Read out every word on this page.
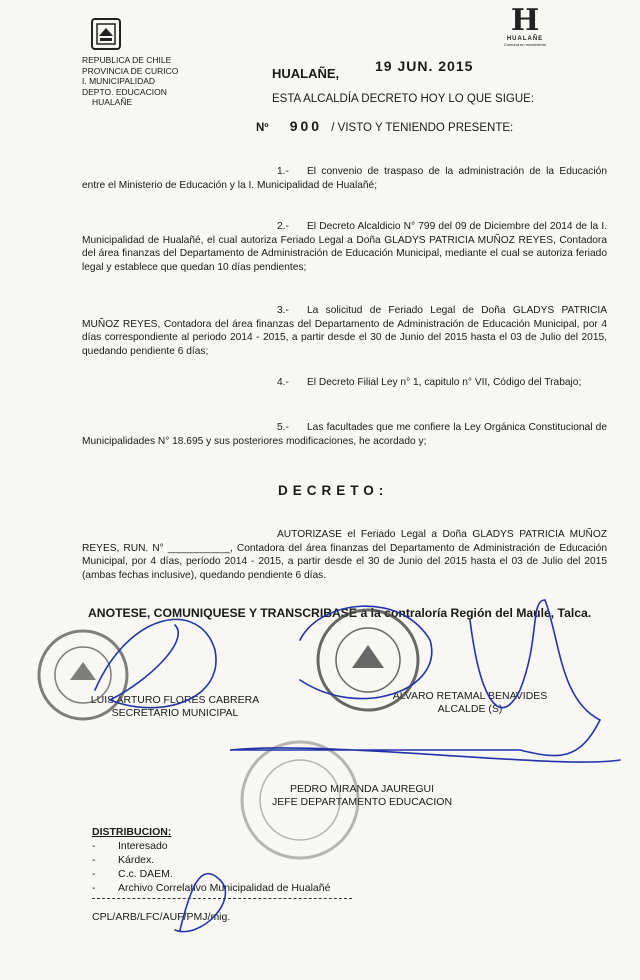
REPUBLICA DE CHILE
PROVINCIA DE CURICO
I. MUNICIPALIDAD
DEPTO. EDUCACION
HUALAÑE
H
HUALAÑE
Comuna en movimiento
HUALAÑE,	19 JUN. 2015
ESTA ALCALDÍA DECRETO HOY LO QUE SIGUE:
Nº 900 / VISTO Y TENIENDO PRESENTE:
1.- El convenio de traspaso de la administración de la Educación entre el Ministerio de Educación y la I. Municipalidad de Hualañé;
2.- El Decreto Alcaldicio N° 799 del 09 de Diciembre del 2014 de la I. Municipalidad de Hualañé, el cual autoriza Feriado Legal a Doña GLADYS PATRICIA MUÑOZ REYES, Contadora del área finanzas del Departamento de Administración de Educación Municipal, mediante el cual se autoriza feriado legal y establece que quedan 10 días pendientes;
3.- La solicitud de Feriado Legal de Doña GLADYS PATRICIA MUÑOZ REYES, Contadora del área finanzas del Departamento de Administración de Educación Municipal, por 4 días correspondiente al periodo 2014 - 2015, a partir desde el 30 de Junio del 2015 hasta el 03 de Julio del 2015, quedando pendiente 6 días;
4.- El Decreto Filial Ley n° 1, capitulo n° VII, Código del Trabajo;
5.- Las facultades que me confiere la Ley Orgánica Constitucional de Municipalidades N° 18.695 y sus posteriores modificaciones, he acordado y;
DECRETO:
AUTORIZASE el Feriado Legal a Doña GLADYS PATRICIA MUÑOZ REYES, RUN. N° ___________, Contadora del área finanzas del Departamento de Administración de Educación Municipal, por 4 días, período 2014 - 2015, a partir desde el 30 de Junio del 2015 hasta el 03 de Julio del 2015 (ambas fechas inclusive), quedando pendiente 6 días.
ANOTESE, COMUNIQUESE Y TRANSCRIBASE a la contraloría Región del Maule, Talca.
LUIS ARTURO FLORES CABRERA
SECRETARIO MUNICIPAL
ALVARO RETAMAL BENAVIDES
ALCALDE (S)
PEDRO MIRANDA JAUREGUI
JEFE DEPARTAMENTO EDUCACION
DISTRIBUCION:
- Interesado
- Kárdex.
- C.c. DAEM.
- Archivo Correlativo Municipalidad de Hualañé
CPL/ARB/LFC/AUF/PMJ/mig.
